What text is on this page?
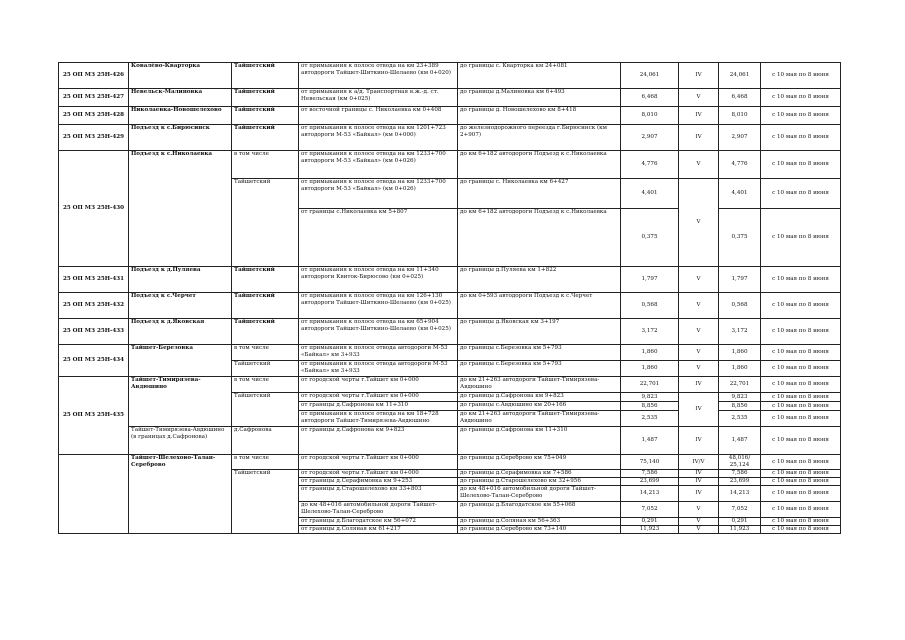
25 ОП МЗ 25Н-426	Ковалёво-Кварторка	Тайшетский	от примыкания к полосе отвода на км 23+389 автодороги Тайшет-Шиткино-Шелаево (км 0+020)	до границы с. Кварторка км 24+081	24,061	IV	24,061	с 10 мая по 8 июня
25 ОП МЗ 25Н-427	Невельск-Малиновка	Тайшетский	от примыкания к а/д. Транспортная в.ж.-д. ст. Невельская (км 0+025)	до границы д.Малиновка км 6+493	6,468	V	6,468	с 10 мая по 8 июня
25 ОП МЗ 25Н-428	Николаевка-Новошелехово	Тайшетский	от восточной границы с. Николаевка км 0+408	до границы д. Новошелехово км 8+418	8,010	IV	8,010	с 10 мая по 8 июня
25 ОП МЗ 25Н-429	Подъезд к с.Бирюсинск	Тайшетский	от примыкания к полосе отвода на км 1201+723 автодороги М-53 «Байкал» (км 0+000)	до железнодорожного переезда г.Бирюсинск (км 2+907)	2,907	IV	2,907	с 10 мая по 8 июня
25 ОП МЗ 25Н-430	Подъезд к с.Николаевка	в том числе	от примыкания к полосе отвода на км 1233+700 автодороги М-53 «Байкал» (км 0+026)	до км 6+182 автодороги Подъезд к с.Николаевка	4,776	V	4,776	с 10 мая по 8 июня
		Тайшетский	от примыкания к полосе отвода на км 1233+700 автодороги М-53 «Байкал» (км 0+026)	до границы с. Николаевка км 6+427	4,401	V	4,401	с 10 мая по 8 июня
			от границы с.Николаевка км 5+807	до км 6+182 автодороги Подъезд к с.Николаевка	0,375		0,375	с 10 мая по 8 июня
25 ОП МЗ 25Н-431	Подъезд к д.Пуляева	Тайшетский	от примыкания к полосе отвода на км 11+340 автодороги Квиток-Бирюсово (км 0+025)	до границы д.Пуляева км 1+822	1,797	V	1,797	с 10 мая по 8 июня
25 ОП МЗ 25Н-432	Подъезд к с.Черчет	Тайшетский	от примыкания к полосе отвода на км 126+130 автодороги Тайшет-Шиткино-Шелаево (км 0+025)	до км 0+593 автодороги Подъезд к с.Черчет	0,568	V	0,568	с 10 мая по 8 июня
25 ОП МЗ 25Н-433	Подъезд к д.Яковская	Тайшетский	от примыкания к полосе отвода на км 65+904 автодороги Тайшет-Шиткино-Шелаево (км 0+025)	до границы д.Яковская км 3+197	3,172	V	3,172	с 10 мая по 8 июня
25 ОП МЗ 25Н-434	Тайшет-Березовка	в том числе	от примыкания к полосе отвода автодороги М-53 «Байкал» км 3+933	до границы с.Березовка км 5+793	1,860	V	1,860	с 10 мая по 8 июня
		Тайшетский	от примыкания к полосе отвода автодороги М-53 «Байкал» км 3+933	до границы с.Березовка км 5+793	1,860	V	1,860	с 10 мая по 8 июня
25 ОП МЗ 25Н-435	Тайшет-Тимирязева-Авдюшино	в том числе	от городской черты г.Тайшет км 0+000	до км 21+263 автодороги Тайшет-Тимирязева-Авдюшино	22,701	IV	22,701	с 10 мая по 8 июня
		Тайшетский	от городской черты г.Тайшет км 0+000	до границы д.Сафронова км 9+823	9,823	IV	9,823	с 10 мая по 8 июня
			от границы д.Сафронова км 11+310	до границы с.Авдюшино км 20+166	8,856		8,856	с 10 мая по 8 июня
			от примыкания к полосе отвода на км 18+728 автодороги Тайшет-Тимирязева-Авдюшино	до км 21+263 автодороги Тайшет-Тимирязева-Авдюшино	2,535		2,535	с 10 мая по 8 июня
	Тайшет-Тимирязева-Авдюшино (в границах д.Сафронова)	д.Сафронова	от границы д.Сафронова км 9+823	до границы д.Сафронова км 11+310	1,487	IV	1,487	с 10 мая по 8 июня
	Тайшет-Шелехово-Талан-Сереброво	в том числе	от городской черты г.Тайшет км 0+000	до границы д.Сереброво км 75+049	75,140	IV/V	48,016/ 25,124	с 10 мая по 8 июня
		Тайшетский	от городской черты г.Тайшет км 0+000	до границы д.Серафимовка км 7+586	7,586	IV	7,586	с 10 мая по 8 июня
			от границы д.Серафимовка км 9+253	до границы д.Старошелехово км 32+956	23,699	IV	23,699	с 10 мая по 8 июня
			от границы д.Старошелехово км 33+803	до км 48+016 автомобильной дороги Тайшет-Шелехово-Талан-Сереброво	14,213	IV	14,213	с 10 мая по 8 июня
			до км 48+016 автомобильной дороги Тайшет-Шелехово-Талан-Сереброво	до границы д.Благодатское км 55+068	7,052	V	7,052	с 10 мая по 8 июня
			от границы д.Благодатское км 56+072	до границы д.Соляная км 56+363	0,291	V	0,291	с 10 мая по 8 июня
			от границы д.Соляная км 61+217	до границы д.Сереброво км 73+140	11,923	V	11,923	с 10 мая по 8 июня
